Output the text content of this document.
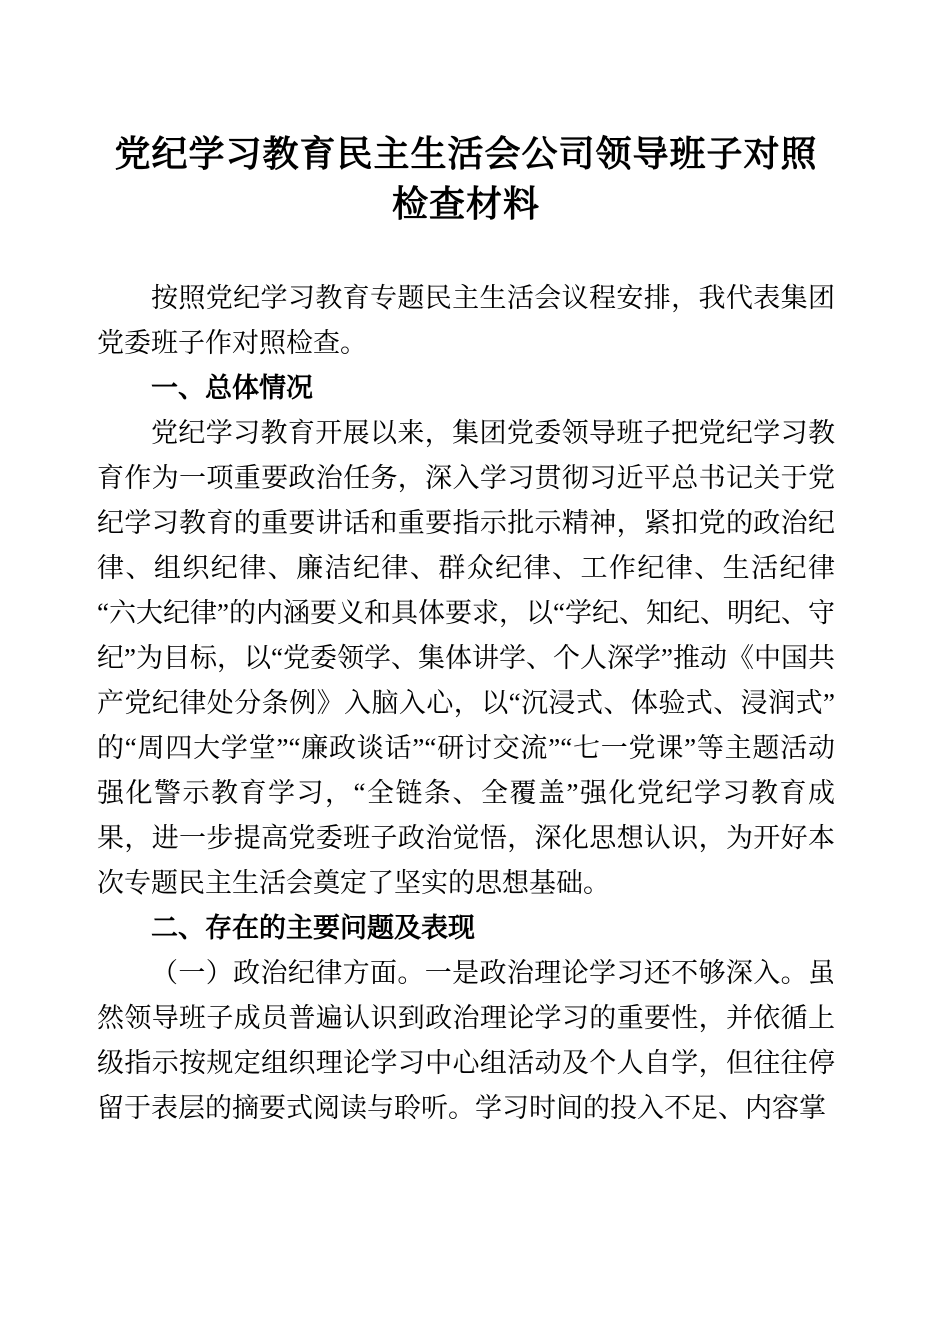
党纪学习教育民主生活会公司领导班子对照检查材料

按照党纪学习教育专题民主生活会议程安排，我代表集团党委班子作对照检查。

一、总体情况

党纪学习教育开展以来，集团党委领导班子把党纪学习教育作为一项重要政治任务，深入学习贯彻习近平总书记关于党纪学习教育的重要讲话和重要指示批示精神，紧扣党的政治纪律、组织纪律、廉洁纪律、群众纪律、工作纪律、生活纪律“六大纪律”的内涵要义和具体要求，以“学纪、知纪、明纪、守纪”为目标，以“党委领学、集体讲学、个人深学”推动《中国共产党纪律处分条例》入脑入心，以“沉浸式、体验式、浸润式”的“周四大学堂”“廉政谈话”“研讨交流”“七一党课”等主题活动强化警示教育学习，“全链条、全覆盖”强化党纪学习教育成果，进一步提高党委班子政治觉悟，深化思想认识，为开好本次专题民主生活会奠定了坚实的思想基础。

二、存在的主要问题及表现

（一）政治纪律方面。一是政治理论学习还不够深入。虽然领导班子成员普遍认识到政治理论学习的重要性，并依循上级指示按规定组织理论学习中心组活动及个人自学，但往往停留于表层的摘要式阅读与聆听。学习时间的投入不足、内容掌
